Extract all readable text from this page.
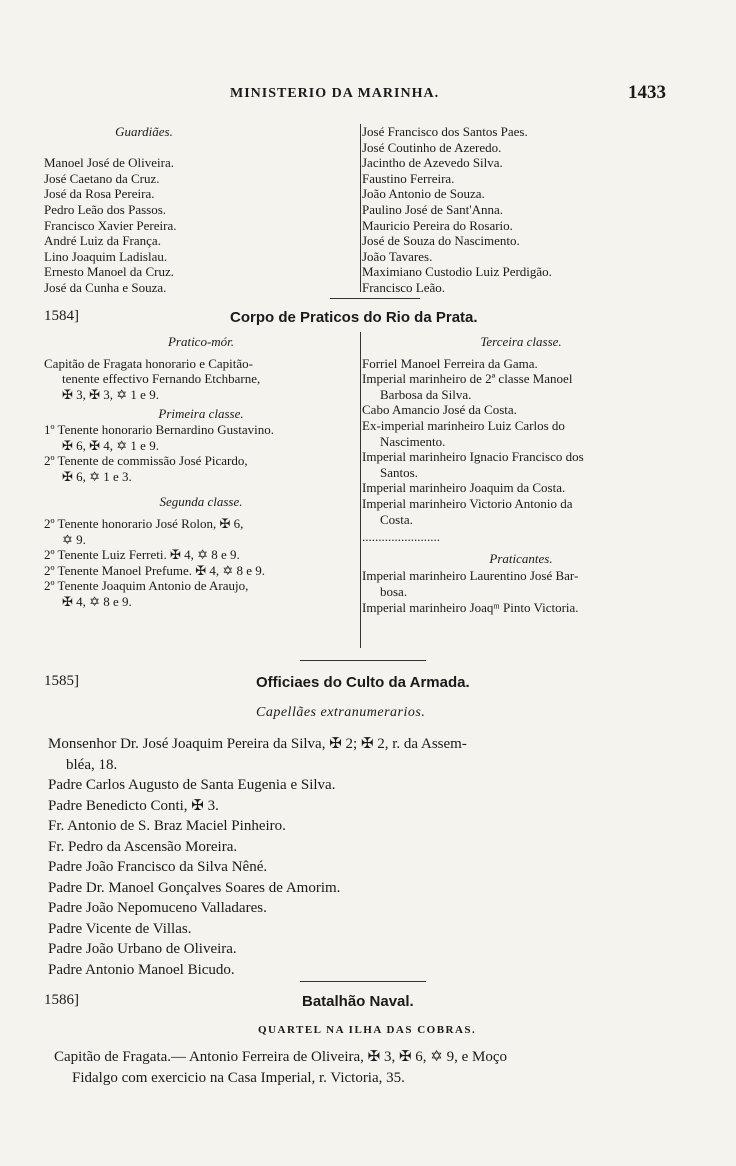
MINISTERIO DA MARINHA.	1433
Guardiães.
Manoel José de Oliveira.
José Caetano da Cruz.
José da Rosa Pereira.
Pedro Leão dos Passos.
Francisco Xavier Pereira.
André Luiz da França.
Lino Joaquim Ladislau.
Ernesto Manoel da Cruz.
José da Cunha e Souza.
José Francisco dos Santos Paes.
José Coutinho de Azeredo.
Jacintho de Azevedo Silva.
Faustino Ferreira.
João Antonio de Souza.
Paulino José de Sant'Anna.
Mauricio Pereira do Rosario.
José de Souza do Nascimento.
João Tavares.
Maximiano Custodio Luiz Perdigão.
Francisco Leão.
1584]	Corpo de Praticos do Rio da Prata.
Pratico-mór.
Capitão de Fragata honorario e Capitão-
tenente effectivo Fernando Etchbarne,
✠ 3, ✠ 3, ✡ 1 e 9.
Primeira classe.
1º Tenente honorario Bernardino Gustavino.
✠ 6, ✠ 4, ✡ 1 e 9.
2º Tenente de commissão José Picardo,
✠ 6, ✡ 1 e 3.
Segunda classe.
2º Tenente honorario José Rolon, ✠ 6,
✡ 9.
2º Tenente Luiz Ferreti. ✠ 4, ✡ 8 e 9.
2º Tenente Manoel Prefume. ✠ 4, ✡ 8 e 9.
2º Tenente Joaquim Antonio de Araujo,
✠ 4, ✡ 8 e 9.
Terceira classe.
Forriel Manoel Ferreira da Gama.
Imperial marinheiro de 2ª classe Manoel
Barbosa da Silva.
Cabo Amancio José da Costa.
Ex-imperial marinheiro Luiz Carlos do
Nascimento.
Imperial marinheiro Ignacio Francisco dos
Santos.
Imperial marinheiro Joaquim da Costa.
Imperial marinheiro Victorio Antonio da
Costa.
........................
Praticantes.
Imperial marinheiro Laurentino José Bar-
bosa.
Imperial marinheiro Joaqᵐ Pinto Victoria.
1585]	Officiaes do Culto da Armada.
Capellães extranumerarios.
Monsenhor Dr. José Joaquim Pereira da Silva, ✠ 2; ✠ 2, r. da Assem-
bléa, 18.
Padre Carlos Augusto de Santa Eugenia e Silva.
Padre Benedicto Conti, ✠ 3.
Fr. Antonio de S. Braz Maciel Pinheiro.
Fr. Pedro da Ascensão Moreira.
Padre João Francisco da Silva Nêné.
Padre Dr. Manoel Gonçalves Soares de Amorim.
Padre João Nepomuceno Valladares.
Padre Vicente de Villas.
Padre João Urbano de Oliveira.
Padre Antonio Manoel Bicudo.
1586]	Batalhão Naval.
QUARTEL NA ILHA DAS COBRAS.
Capitão de Fragata.— Antonio Ferreira de Oliveira, ✠ 3, ✠ 6, ✡ 9, e Moço
Fidalgo com exercicio na Casa Imperial, r. Victoria, 35.
